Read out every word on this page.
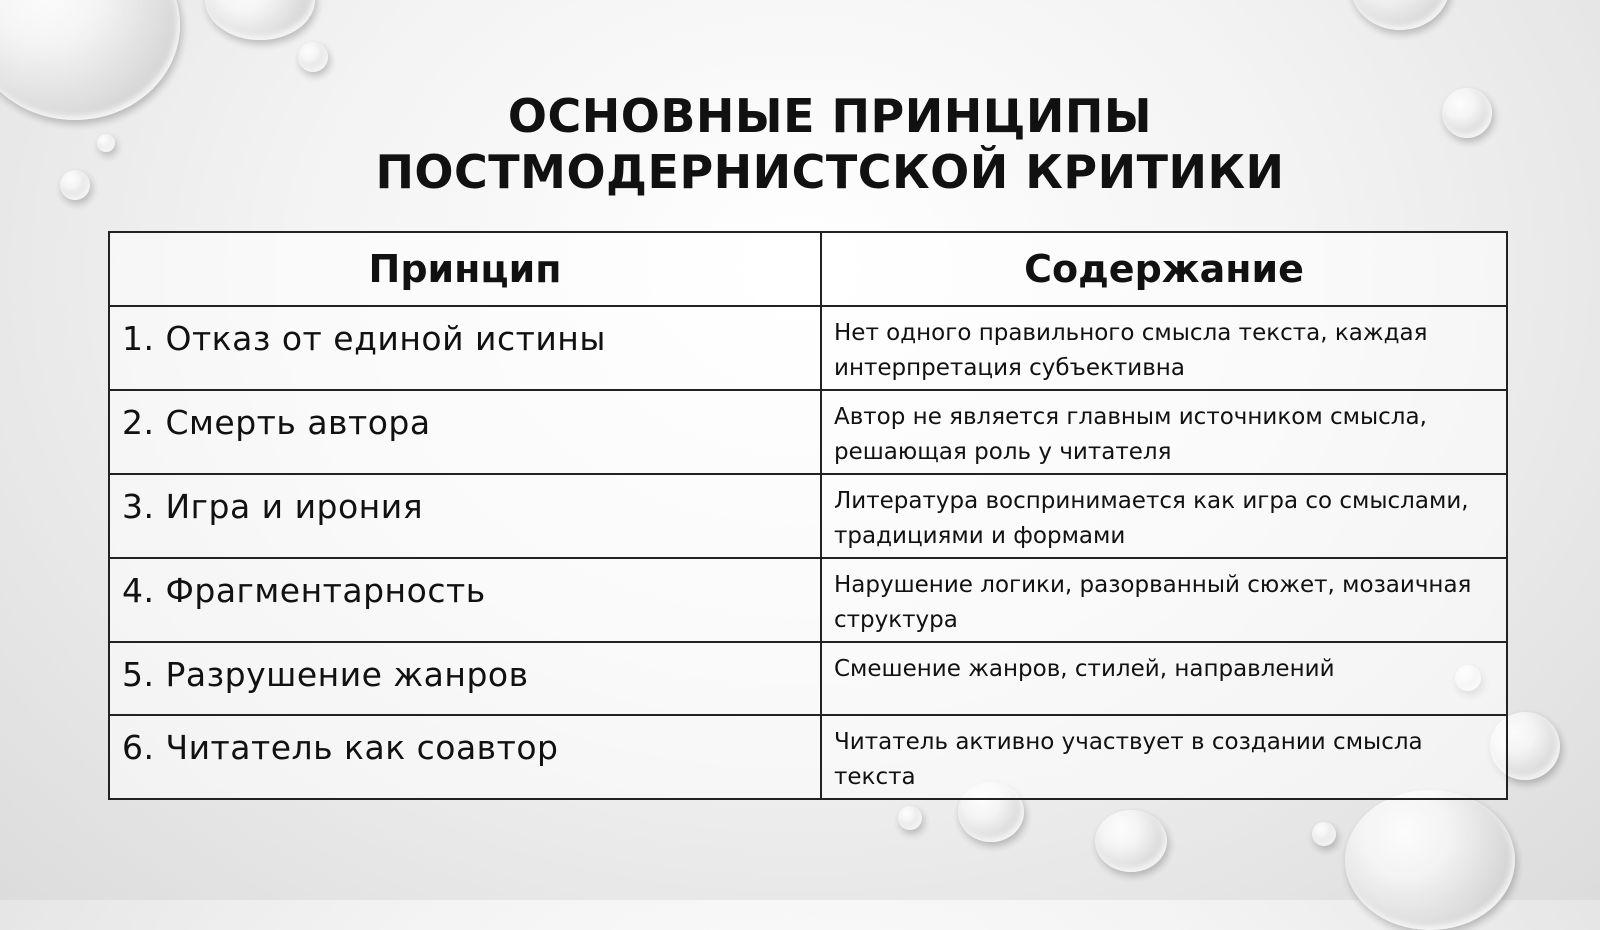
ОСНОВНЫЕ ПРИНЦИПЫ ПОСТМОДЕРНИСТСКОЙ КРИТИКИ
Принцип	Содержание
1. Отказ от единой истины	Нет одного правильного смысла текста, каждая интерпретация субъективна
2. Смерть автора	Автор не является главным источником смысла, решающая роль у читателя
3. Игра и ирония	Литература воспринимается как игра со смыслами, традициями и формами
4. Фрагментарность	Нарушение логики, разорванный сюжет, мозаичная структура
5. Разрушение жанров	Смешение жанров, стилей, направлений
6. Читатель как соавтор	Читатель активно участвует в создании смысла текста
